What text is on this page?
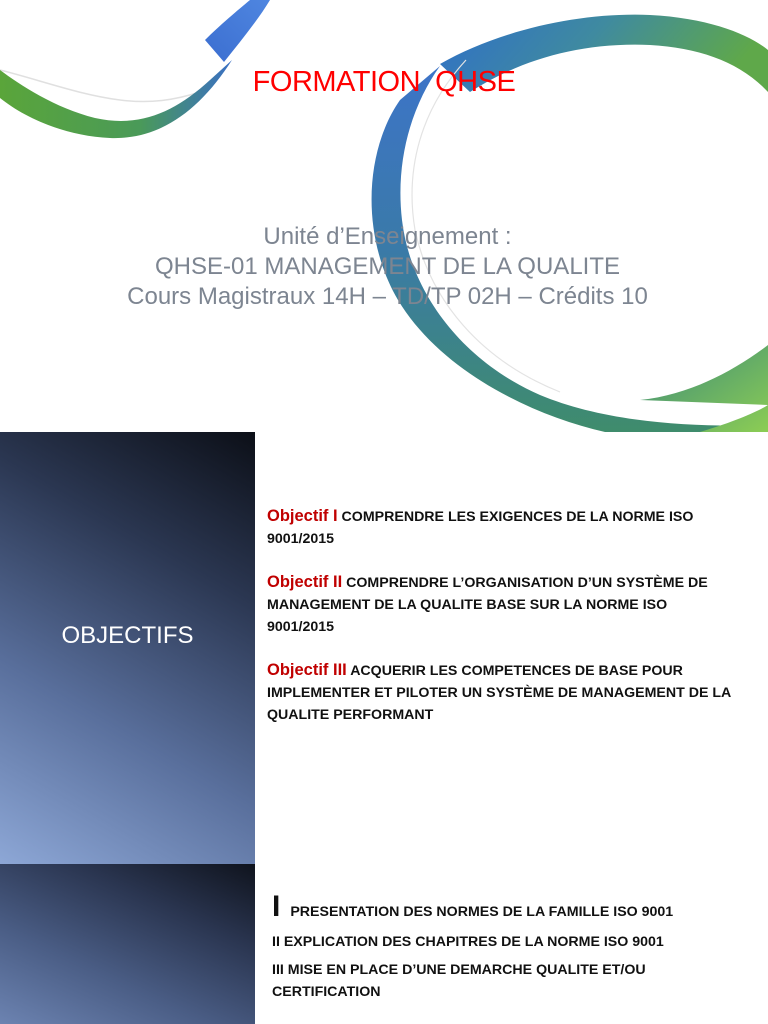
FORMATION  QHSE
Unité d’Enseignement :
QHSE-01 MANAGEMENT DE LA QUALITE
Cours Magistraux 14H – TD/TP 02H – Crédits 10
OBJECTIFS
Objectif I COMPRENDRE LES EXIGENCES DE LA NORME ISO 9001/2015
Objectif II COMPRENDRE L’ORGANISATION D’UN SYSTÈME DE MANAGEMENT DE LA QUALITE BASE SUR LA NORME ISO 9001/2015
Objectif III ACQUERIR LES COMPETENCES DE BASE POUR IMPLEMENTER ET PILOTER UN SYSTÈME DE MANAGEMENT DE LA QUALITE PERFORMANT
I PRESENTATION DES NORMES DE LA FAMILLE ISO 9001
II EXPLICATION DES CHAPITRES DE LA NORME ISO 9001
III MISE EN PLACE D’UNE DEMARCHE QUALITE ET/OU CERTIFICATION
